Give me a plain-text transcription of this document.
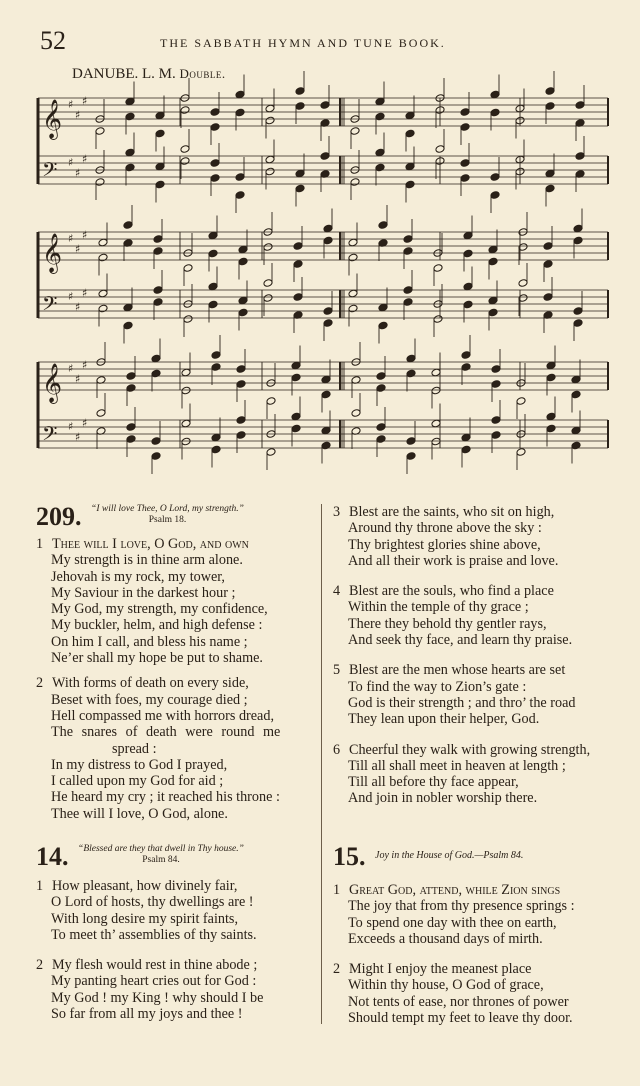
52	THE SABBATH HYMN AND TUNE BOOK.
DANUBE. L. M. Double.
𝄞 ♯
♯
♯
𝄢 ♯
♯
♯
𝄞 ♯
♯
♯
𝄢 ♯
♯
♯
𝄞 ♯
♯
♯
𝄢 ♯
♯
♯
209. “I will love Thee, O Lord, my strength.”
Psalm 18.
1 Thee will I love, O God, and own
My strength is in thine arm alone.
Jehovah is my rock, my tower,
My Saviour in the darkest hour ;
My God, my strength, my confidence,
My buckler, helm, and high defense :
On him I call, and bless his name ;
Ne’er shall my hope be put to shame.
2 With forms of death on every side,
Beset with foes, my courage died ;
Hell compassed me with horrors dread,
The snares of death were round me
spread :
In my distress to God I prayed,
I called upon my God for aid ;
He heard my cry ; it reached his throne :
Thee will I love, O God, alone.
3 Blest are the saints, who sit on high,
Around thy throne above the sky :
Thy brightest glories shine above,
And all their work is praise and love.
4 Blest are the souls, who find a place
Within the temple of thy grace ;
There they behold thy gentler rays,
And seek thy face, and learn thy praise.
5 Blest are the men whose hearts are set
To find the way to Zion’s gate :
God is their strength ; and thro’ the road
They lean upon their helper, God.
6 Cheerful they walk with growing strength,
Till all shall meet in heaven at length ;
Till all before thy face appear,
And join in nobler worship there.
14. “Blessed are they that dwell in Thy house.”
Psalm 84.
1 How pleasant, how divinely fair,
O Lord of hosts, thy dwellings are !
With long desire my spirit faints,
To meet th’ assemblies of thy saints.
2 My flesh would rest in thine abode ;
My panting heart cries out for God :
My God ! my King ! why should I be
So far from all my joys and thee !
15. Joy in the House of God.—Psalm 84.
1 Great God, attend, while Zion sings
The joy that from thy presence springs :
To spend one day with thee on earth,
Exceeds a thousand days of mirth.
2 Might I enjoy the meanest place
Within thy house, O God of grace,
Not tents of ease, nor thrones of power
Should tempt my feet to leave thy door.
